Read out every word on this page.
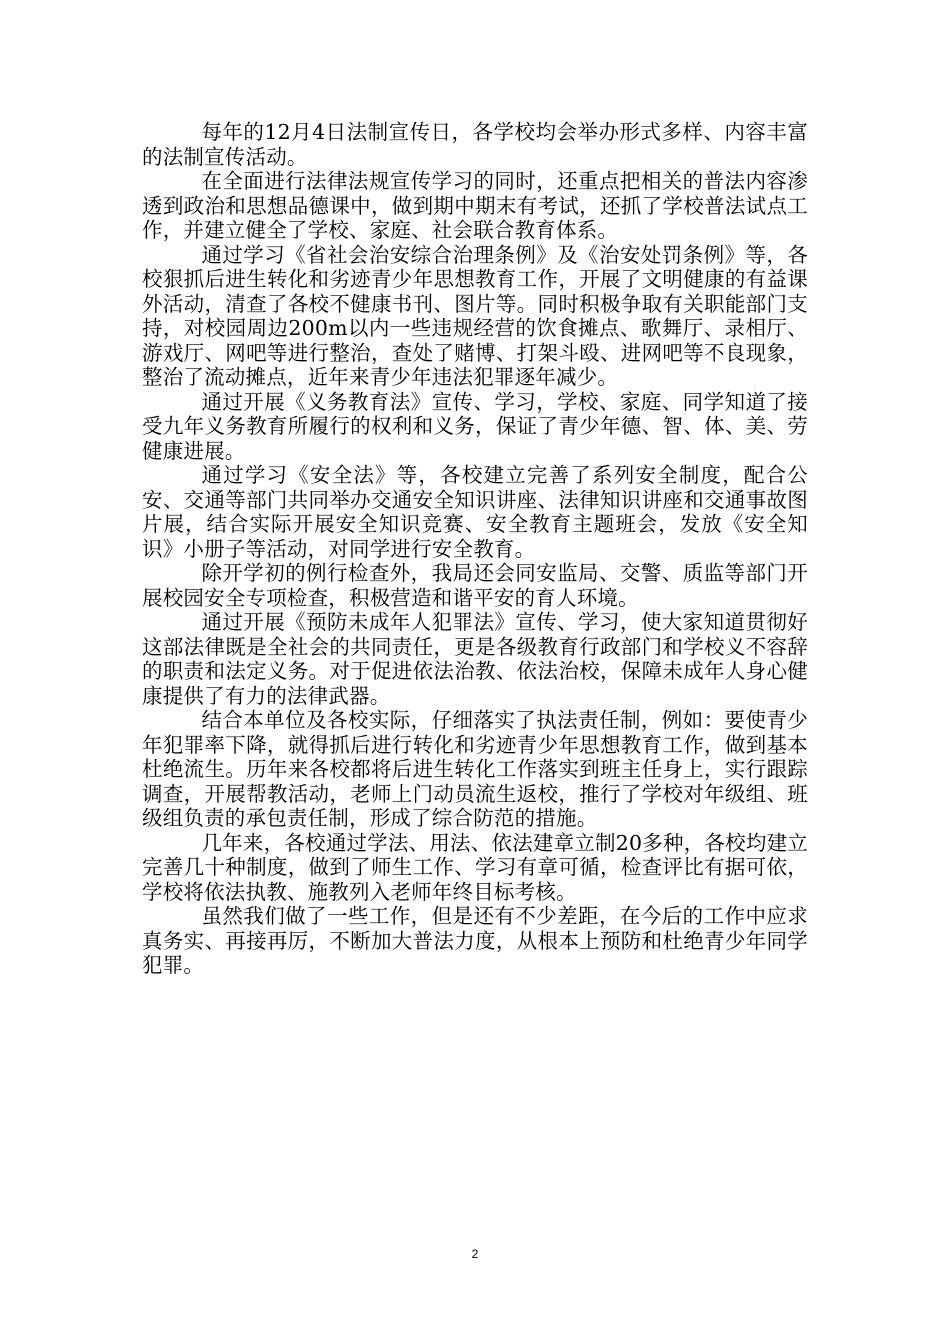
每年的12月4日法制宣传日，各学校均会举办形式多样、内容丰富的法制宣传活动。

在全面进行法律法规宣传学习的同时，还重点把相关的普法内容渗透到政治和思想品德课中，做到期中期末有考试，还抓了学校普法试点工作，并建立健全了学校、家庭、社会联合教育体系。

通过学习《省社会治安综合治理条例》及《治安处罚条例》等，各校狠抓后进生转化和劣迹青少年思想教育工作，开展了文明健康的有益课外活动，清查了各校不健康书刊、图片等。同时积极争取有关职能部门支持，对校园周边200m以内一些违规经营的饮食摊点、歌舞厅、录相厅、游戏厅、网吧等进行整治，查处了赌博、打架斗殴、进网吧等不良现象，整治了流动摊点，近年来青少年违法犯罪逐年减少。

通过开展《义务教育法》宣传、学习，学校、家庭、同学知道了接受九年义务教育所履行的权利和义务，保证了青少年德、智、体、美、劳健康进展。

通过学习《安全法》等，各校建立完善了系列安全制度，配合公安、交通等部门共同举办交通安全知识讲座、法律知识讲座和交通事故图片展，结合实际开展安全知识竞赛、安全教育主题班会，发放《安全知识》小册子等活动，对同学进行安全教育。

除开学初的例行检查外，我局还会同安监局、交警、质监等部门开展校园安全专项检查，积极营造和谐平安的育人环境。

通过开展《预防未成年人犯罪法》宣传、学习，使大家知道贯彻好这部法律既是全社会的共同责任，更是各级教育行政部门和学校义不容辞的职责和法定义务。对于促进依法治教、依法治校，保障未成年人身心健康提供了有力的法律武器。

结合本单位及各校实际，仔细落实了执法责任制，例如：要使青少年犯罪率下降，就得抓后进行转化和劣迹青少年思想教育工作，做到基本杜绝流生。历年来各校都将后进生转化工作落实到班主任身上，实行跟踪调查，开展帮教活动，老师上门动员流生返校，推行了学校对年级组、班级组负责的承包责任制，形成了综合防范的措施。

几年来，各校通过学法、用法、依法建章立制20多种，各校均建立完善几十种制度，做到了师生工作、学习有章可循，检查评比有据可依，学校将依法执教、施教列入老师年终目标考核。

虽然我们做了一些工作，但是还有不少差距，在今后的工作中应求真务实、再接再厉，不断加大普法力度，从根本上预防和杜绝青少年同学犯罪。

2
